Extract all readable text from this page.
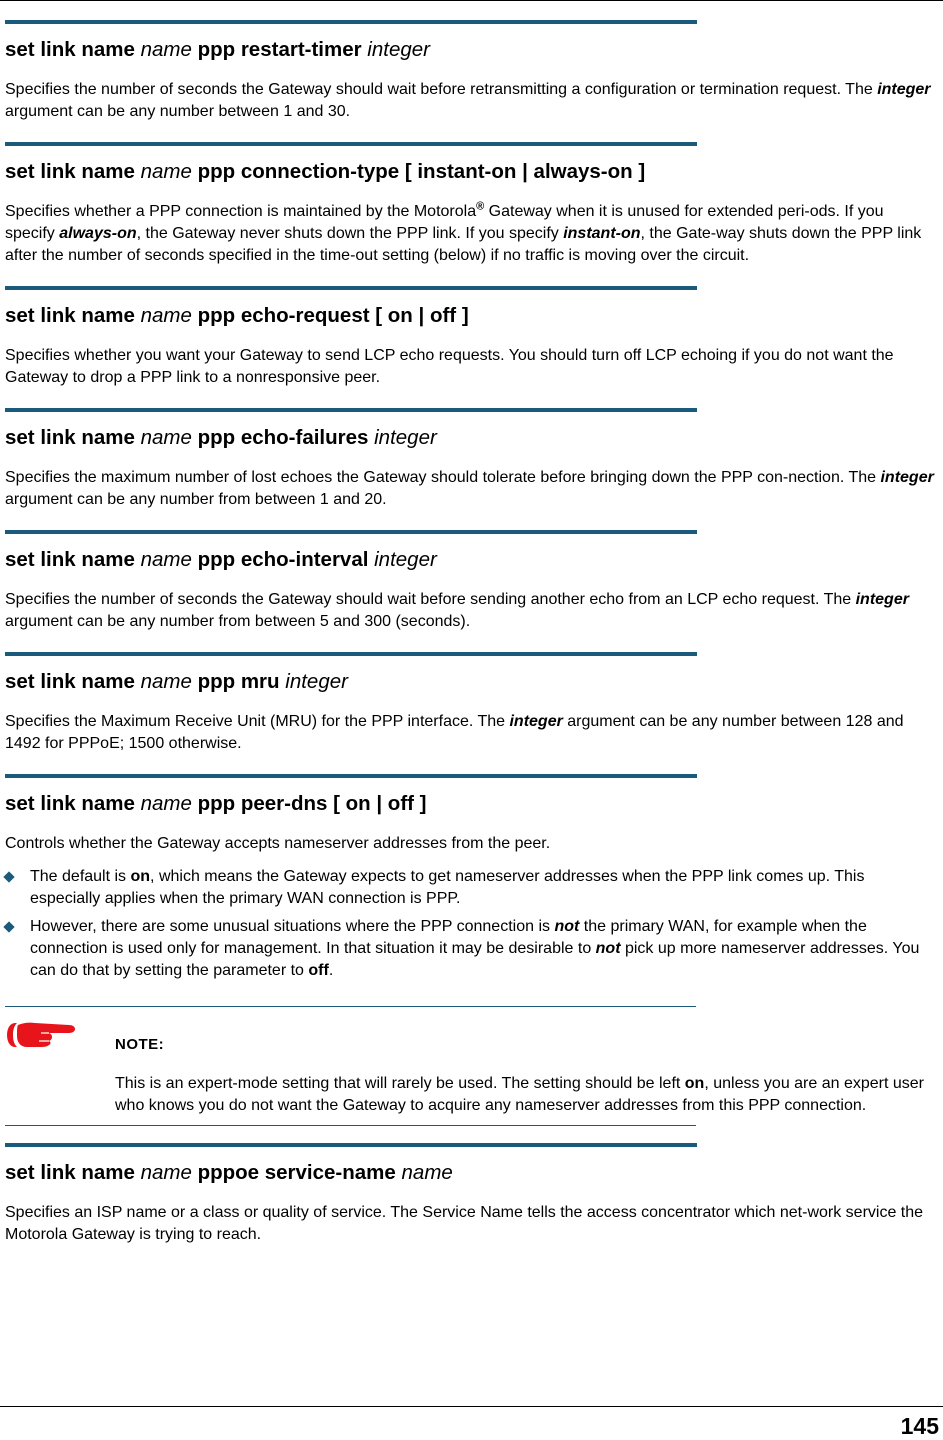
set link name name ppp restart-timer integer

Specifies the number of seconds the Gateway should wait before retransmitting a configuration or termination request. The integer argument can be any number between 1 and 30.

set link name name ppp connection-type [ instant-on | always-on ]

Specifies whether a PPP connection is maintained by the Motorola® Gateway when it is unused for extended peri-ods. If you specify always-on, the Gateway never shuts down the PPP link. If you specify instant-on, the Gate-way shuts down the PPP link after the number of seconds specified in the time-out setting (below) if no traffic is moving over the circuit.

set link name name ppp echo-request [ on | off ]

Specifies whether you want your Gateway to send LCP echo requests. You should turn off LCP echoing if you do not want the Gateway to drop a PPP link to a nonresponsive peer.

set link name name ppp echo-failures integer

Specifies the maximum number of lost echoes the Gateway should tolerate before bringing down the PPP con-nection. The integer argument can be any number from between 1 and 20.

set link name name ppp echo-interval integer

Specifies the number of seconds the Gateway should wait before sending another echo from an LCP echo request. The integer argument can be any number from between 5 and 300 (seconds).

set link name name ppp mru integer

Specifies the Maximum Receive Unit (MRU) for the PPP interface. The integer argument can be any number between 128 and 1492 for PPPoE; 1500 otherwise.

set link name name ppp peer-dns [ on | off ]

Controls whether the Gateway accepts nameserver addresses from the peer.

The default is on, which means the Gateway expects to get nameserver addresses when the PPP link comes up. This especially applies when the primary WAN connection is PPP.
However, there are some unusual situations where the PPP connection is not the primary WAN, for example when the connection is used only for management. In that situation it may be desirable to not pick up more nameserver addresses. You can do that by setting the parameter to off.
NOTE:

This is an expert-mode setting that will rarely be used. The setting should be left on, unless you are an expert user who knows you do not want the Gateway to acquire any nameserver addresses from this PPP connection.

set link name name pppoe service-name name

Specifies an ISP name or a class or quality of service. The Service Name tells the access concentrator which net-work service the Motorola Gateway is trying to reach.

145
